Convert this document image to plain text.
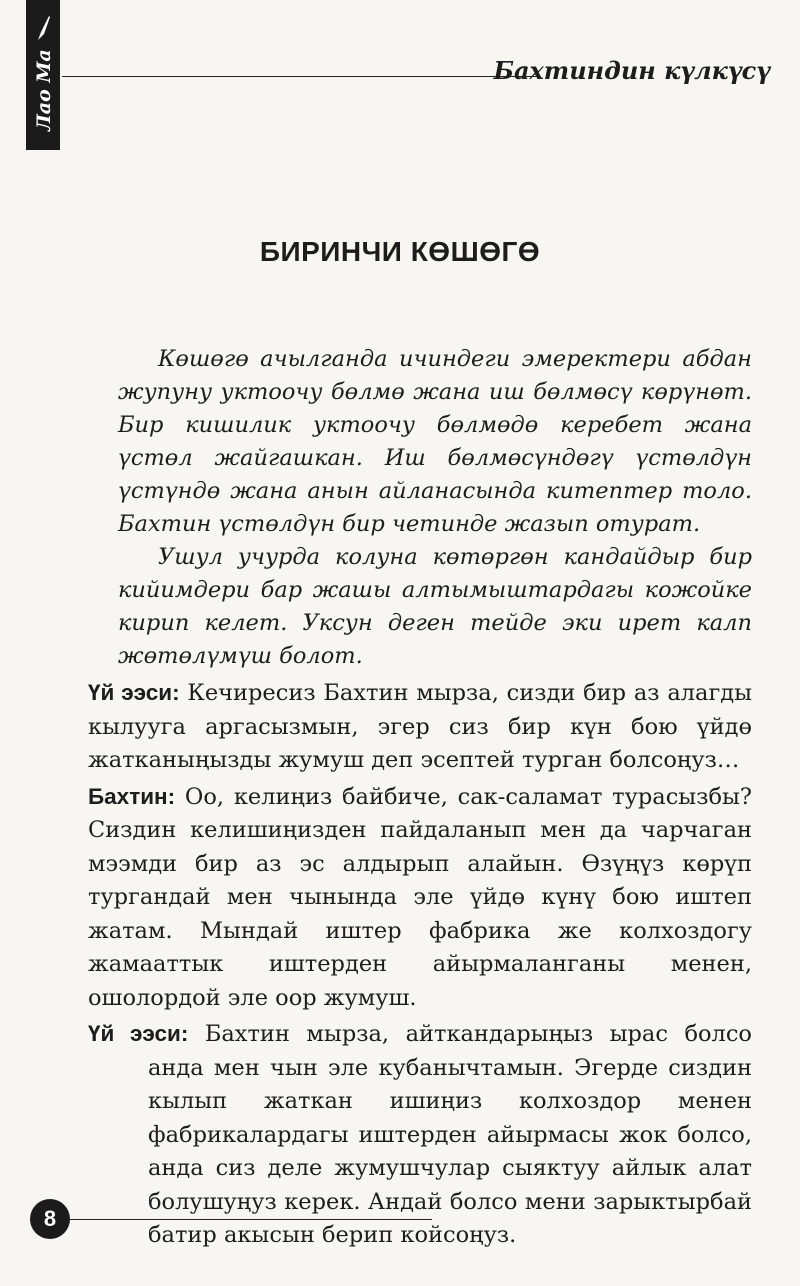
Лао Ма	Бахтиндин күлкүсү
БИРИНЧИ КӨШӨГӨ

Көшөгө ачылганда ичиндеги эмеректери абдан жупуну уктоочу бөлмө жана иш бөлмөсү көрүнөт. Бир кишилик уктоочу бөлмөдө керебет жана үстөл жайгашкан. Иш бөлмөсүндөгү үстөлдүн үстүндө жана анын айланасында китептер толо. Бахтин үстөлдүн бир четинде жазып отурат.

Ушул учурда колуна көтөргөн кандайдыр бир кийимдери бар жашы алтымыштардагы кожойке кирип келет. Уксун деген тейде эки ирет калп жөтөлүмүш болот.

Үй ээси: Кечиресиз Бахтин мырза, сизди бир аз алагды кылууга аргасызмын, эгер сиз бир күн бою үйдө жатканыңызды жумуш деп эсептей турган болсоңуз…

Бахтин: Оо, келиңиз байбиче, сак-саламат турасызбы? Сиздин келишиңизден пайдаланып мен да чарчаган мээмди бир аз эс алдырып алайын. Өзүңүз көрүп тургандай мен чынында эле үйдө күнү бою иштеп жатам. Мындай иштер фабрика же колхоздогу жамааттык иштерден айырмаланганы менен, ошолордой эле оор жумуш.

Үй ээси: Бахтин мырза, айткандарыңыз ырас болсо анда мен чын эле кубанычтамын. Эгерде сиздин кылып жаткан ишиңиз колхоздор менен фабрикалардагы иштерден айырмасы жок болсо, анда сиз деле жумушчулар сыяктуу айлык алат болушуңуз керек. Андай болсо мени зарыктырбай батир акысын берип койсоңуз.

8
